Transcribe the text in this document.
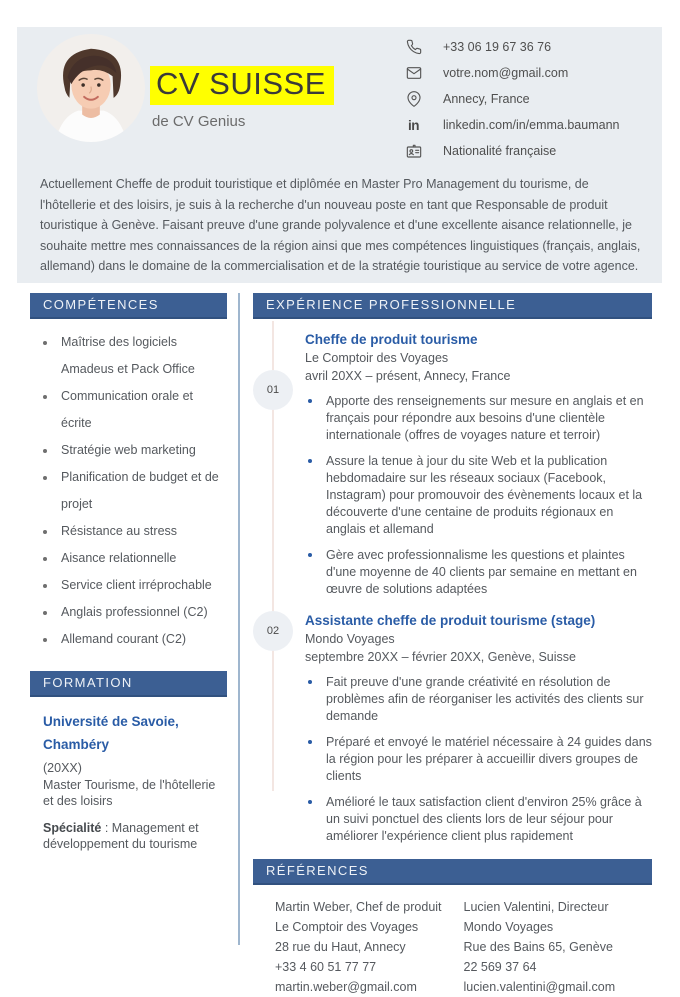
CV SUISSE
de CV Genius
+33 06 19 67 36 76
votre.nom@gmail.com
Annecy, France
in linkedin.com/in/emma.baumann
Nationalité française

Actuellement Cheffe de produit touristique et diplômée en Master Pro Management du tourisme, de l'hôtellerie et des loisirs, je suis à la recherche d'un nouveau poste en tant que Responsable de produit touristique à Genève. Faisant preuve d'une grande polyvalence et d'une excellente aisance relationnelle, je souhaite mettre mes connaissances de la région ainsi que mes compétences linguistiques (français, anglais, allemand) dans le domaine de la commercialisation et de la stratégie touristique au service de votre agence.

COMPÉTENCES
Maîtrise des logiciels Amadeus et Pack Office
Communication orale et écrite
Stratégie web marketing
Planification de budget et de projet
Résistance au stress
Aisance relationnelle
Service client irréprochable
Anglais professionnel (C2)
Allemand courant (C2)
FORMATION
Université de Savoie, Chambéry
(20XX)
Master Tourisme, de l'hôtellerie et des loisirs
Spécialité : Management et développement du tourisme
EXPÉRIENCE PROFESSIONNELLE
01
02
Cheffe de produit tourisme
Le Comptoir des Voyages
avril 20XX – présent, Annecy, France
Apporte des renseignements sur mesure en anglais et en français pour répondre aux besoins d'une clientèle internationale (offres de voyages nature et terroir)
Assure la tenue à jour du site Web et la publication hebdomadaire sur les réseaux sociaux (Facebook, Instagram) pour promouvoir des évènements locaux et la découverte d'une centaine de produits régionaux en anglais et allemand
Gère avec professionnalisme les questions et plaintes d'une moyenne de 40 clients par semaine en mettant en œuvre de solutions adaptées
Assistante cheffe de produit tourisme (stage)
Mondo Voyages
septembre 20XX – février 20XX, Genève, Suisse
Fait preuve d'une grande créativité en résolution de problèmes afin de réorganiser les activités des clients sur demande
Préparé et envoyé le matériel nécessaire à 24 guides dans la région pour les préparer à accueillir divers groupes de clients
Amélioré le taux satisfaction client d'environ 25% grâce à un suivi ponctuel des clients lors de leur séjour pour améliorer l'expérience client plus rapidement
RÉFÉRENCES

Martin Weber, Chef de produit

Le Comptoir des Voyages

28 rue du Haut, Annecy

+33 4 60 51 77 77

martin.weber@gmail.com

Lucien Valentini, Directeur

Mondo Voyages

Rue des Bains 65, Genève

22 569 37 64

lucien.valentini@gmail.com
